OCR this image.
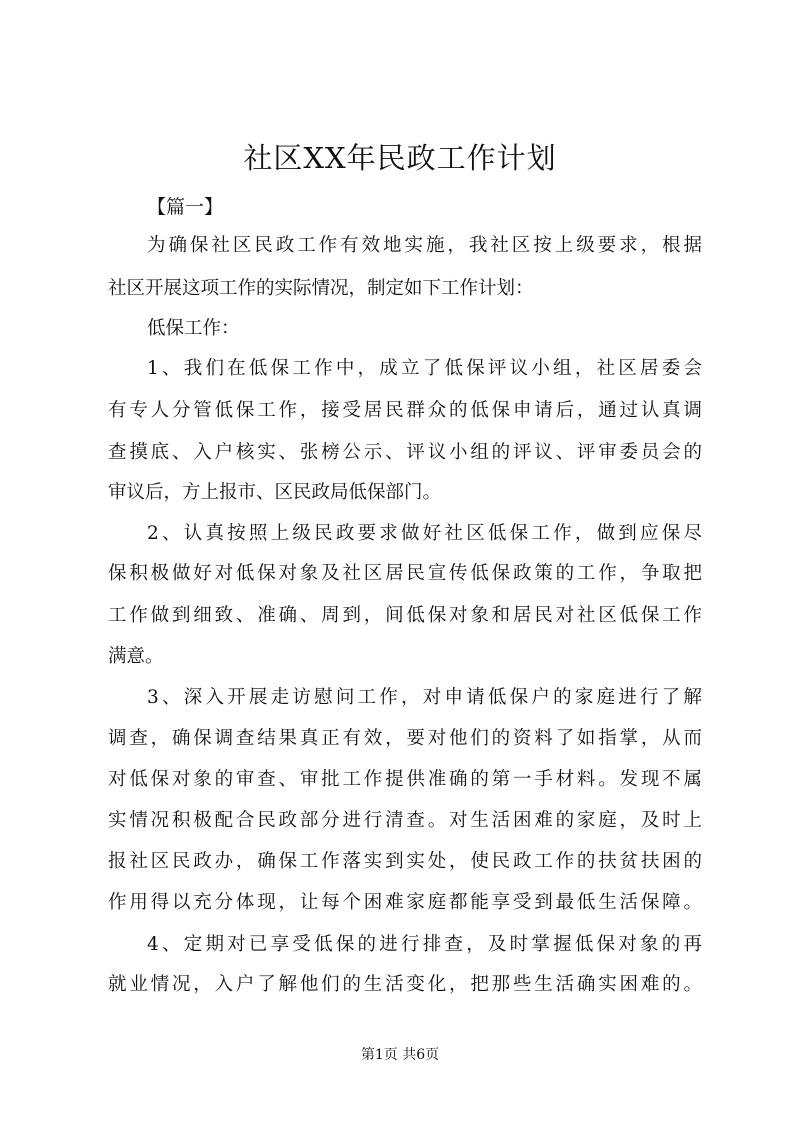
社区XX年民政工作计划
【篇一】
为确保社区民政工作有效地实施，我社区按上级要求，根据
社区开展这项工作的实际情况，制定如下工作计划：
低保工作：
1、我们在低保工作中，成立了低保评议小组，社区居委会
有专人分管低保工作，接受居民群众的低保申请后，通过认真调
查摸底、入户核实、张榜公示、评议小组的评议、评审委员会的
审议后，方上报市、区民政局低保部门。
2、认真按照上级民政要求做好社区低保工作，做到应保尽
保积极做好对低保对象及社区居民宣传低保政策的工作，争取把
工作做到细致、准确、周到，间低保对象和居民对社区低保工作
满意。
3、深入开展走访慰问工作，对申请低保户的家庭进行了解
调查，确保调查结果真正有效，要对他们的资料了如指掌，从而
对低保对象的审查、审批工作提供准确的第一手材料。发现不属
实情况积极配合民政部分进行清查。对生活困难的家庭，及时上
报社区民政办，确保工作落实到实处，使民政工作的扶贫扶困的
作用得以充分体现，让每个困难家庭都能享受到最低生活保障。
4、定期对已享受低保的进行排查，及时掌握低保对象的再
就业情况，入户了解他们的生活变化，把那些生活确实困难的。
第1页 共6页
